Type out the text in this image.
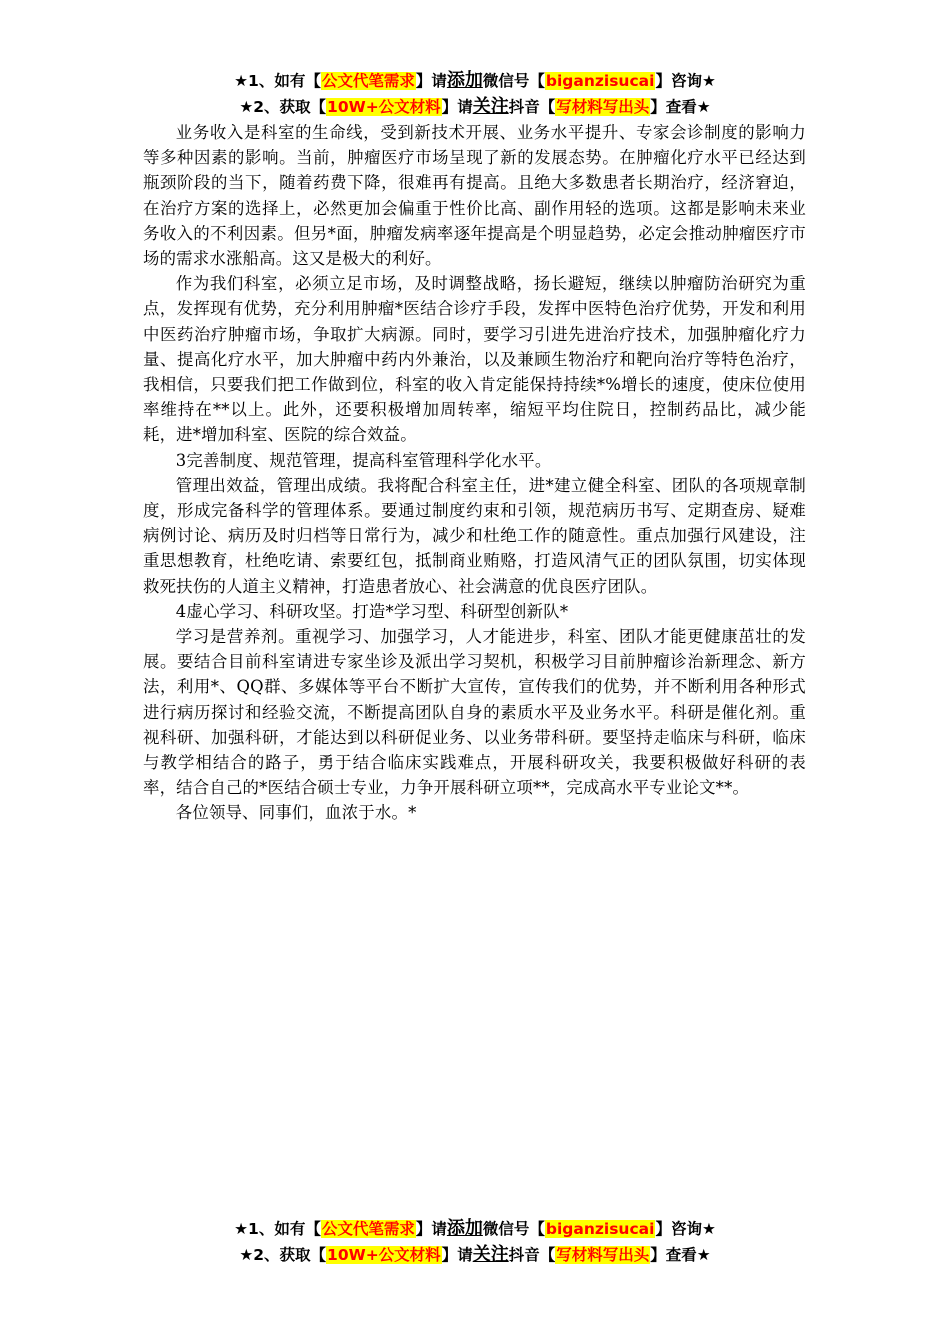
★1、如有【公文代笔需求】请添加微信号【biganzisucai】咨询★
★2、获取【10W+公文材料】请关注抖音【写材料写出头】查看★

业务收入是科室的生命线，受到新技术开展、业务水平提升、专家会诊制度的影响力等多种因素的影响。当前，肿瘤医疗市场呈现了新的发展态势。在肿瘤化疗水平已经达到瓶颈阶段的当下，随着药费下降，很难再有提高。且绝大多数患者长期治疗，经济窘迫，在治疗方案的选择上，必然更加会偏重于性价比高、副作用轻的选项。这都是影响未来业务收入的不利因素。但另*面，肿瘤发病率逐年提高是个明显趋势，必定会推动肿瘤医疗市场的需求水涨船高。这又是极大的利好。

作为我们科室，必须立足市场，及时调整战略，扬长避短，继续以肿瘤防治研究为重点，发挥现有优势，充分利用肿瘤*医结合诊疗手段，发挥中医特色治疗优势，开发和利用中医药治疗肿瘤市场，争取扩大病源。同时，要学习引进先进治疗技术，加强肿瘤化疗力量、提高化疗水平，加大肿瘤中药内外兼治，以及兼顾生物治疗和靶向治疗等特色治疗，我相信，只要我们把工作做到位，科室的收入肯定能保持持续*%增长的速度，使床位使用率维持在**以上。此外，还要积极增加周转率，缩短平均住院日，控制药品比，减少能耗，进*增加科室、医院的综合效益。

3完善制度、规范管理，提高科室管理科学化水平。

管理出效益，管理出成绩。我将配合科室主任，进*建立健全科室、团队的各项规章制度，形成完备科学的管理体系。要通过制度约束和引领，规范病历书写、定期查房、疑难病例讨论、病历及时归档等日常行为，减少和杜绝工作的随意性。重点加强行风建设，注重思想教育，杜绝吃请、索要红包，抵制商业贿赂，打造风清气正的团队氛围，切实体现救死扶伤的人道主义精神，打造患者放心、社会满意的优良医疗团队。

4虚心学习、科研攻坚。打造*学习型、科研型创新队*

学习是营养剂。重视学习、加强学习，人才能进步，科室、团队才能更健康茁壮的发展。要结合目前科室请进专家坐诊及派出学习契机，积极学习目前肿瘤诊治新理念、新方法，利用*、QQ群、多媒体等平台不断扩大宣传，宣传我们的优势，并不断利用各种形式进行病历探讨和经验交流，不断提高团队自身的素质水平及业务水平。科研是催化剂。重视科研、加强科研，才能达到以科研促业务、以业务带科研。要坚持走临床与科研，临床与教学相结合的路子，勇于结合临床实践难点，开展科研攻关，我要积极做好科研的表率，结合自己的*医结合硕士专业，力争开展科研立项**，完成高水平专业论文**。

各位领导、同事们，血浓于水。*

★1、如有【公文代笔需求】请添加微信号【biganzisucai】咨询★
★2、获取【10W+公文材料】请关注抖音【写材料写出头】查看★
